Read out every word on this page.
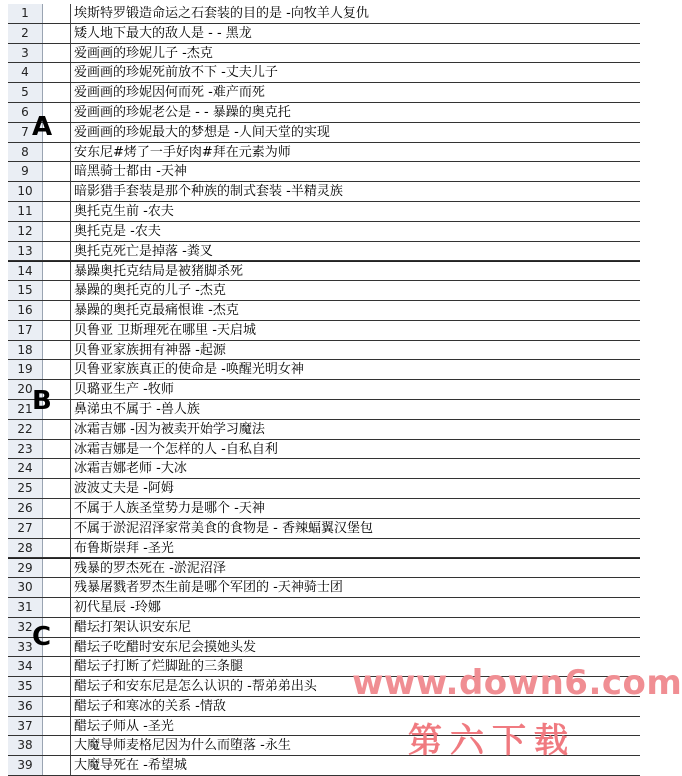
1	埃斯特罗锻造命运之石套装的目的是 -向牧羊人复仇
2	矮人地下最大的敌人是 - - 黑龙
3	爱画画的珍妮儿子 -杰克
4	爱画画的珍妮死前放不下 -丈夫儿子
5	爱画画的珍妮因何而死 -难产而死
6	爱画画的珍妮老公是 - - 暴躁的奥克托
7	爱画画的珍妮最大的梦想是 -人间天堂的实现
8	安东尼#烤了一手好肉#拜在元素为师
9	暗黑骑士都由 -天神
10	暗影猎手套装是那个种族的制式套装 -半精灵族
11	奥托克生前 -农夫
12	奥托克是 -农夫
13	奥托克死亡是掉落 -粪叉
14	暴躁奥托克结局是被猪脚杀死
15	暴躁的奥托克的儿子 -杰克
16	暴躁的奥托克最痛恨谁 -杰克
17	贝鲁亚 卫斯理死在哪里 -天启城
18	贝鲁亚家族拥有神器 -起源
19	贝鲁亚家族真正的使命是 -唤醒光明女神
20	贝璐亚生产 -牧师
21	鼻涕虫不属于 -兽人族
22	冰霜吉娜 -因为被卖开始学习魔法
23	冰霜吉娜是一个怎样的人 -自私自利
24	冰霜吉娜老师 -大冰
25	波波丈夫是 -阿姆
26	不属于人族圣堂势力是哪个 -天神
27	不属于淤泥沼泽家常美食的食物是 - 香辣蝠翼汉堡包
28	布鲁斯崇拜 -圣光
29	残暴的罗杰死在 -淤泥沼泽
30	残暴屠戮者罗杰生前是哪个军团的 -天神骑士团
31	初代星辰 -玲娜
32	醋坛打架认识安东尼
33	醋坛子吃醋时安东尼会摸她头发
34	醋坛子打断了烂脚趾的三条腿
35	醋坛子和安东尼是怎么认识的 -帮弟弟出头
36	醋坛子和寒冰的关系 -情敌
37	醋坛子师从 -圣光
38	大魔导师麦格尼因为什么而堕落 -永生
39	大魔导死在 -希望城
A
B
C
www.down6.com
第六下载
